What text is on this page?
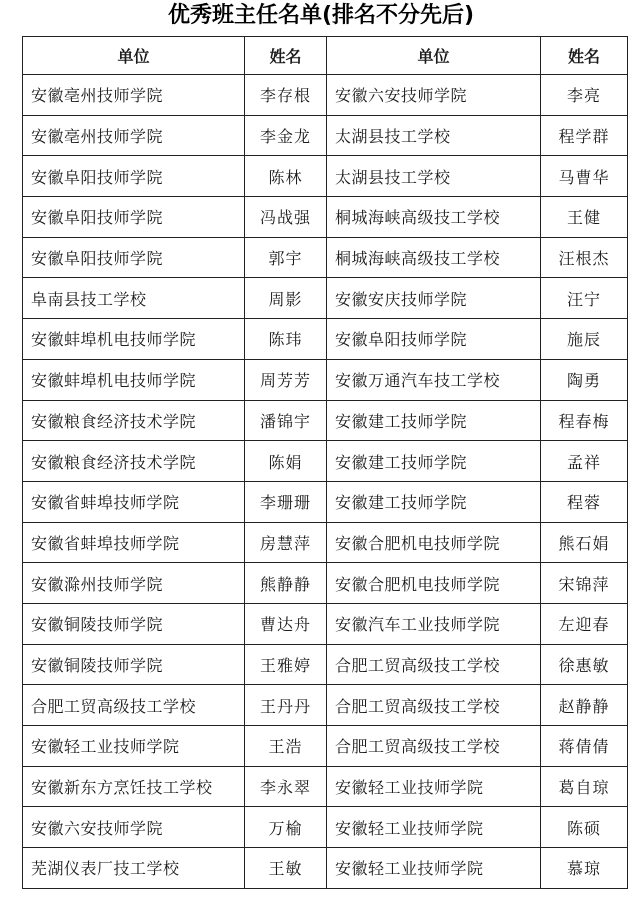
优秀班主任名单(排名不分先后)
单位	姓名	单位	姓名
安徽亳州技师学院	李存根	安徽六安技师学院	李亮
安徽亳州技师学院	李金龙	太湖县技工学校	程学群
安徽阜阳技师学院	陈林	太湖县技工学校	马曹华
安徽阜阳技师学院	冯战强	桐城海峡高级技工学校	王健
安徽阜阳技师学院	郭宇	桐城海峡高级技工学校	汪根杰
阜南县技工学校	周影	安徽安庆技师学院	汪宁
安徽蚌埠机电技师学院	陈玮	安徽阜阳技师学院	施辰
安徽蚌埠机电技师学院	周芳芳	安徽万通汽车技工学校	陶勇
安徽粮食经济技术学院	潘锦宇	安徽建工技师学院	程春梅
安徽粮食经济技术学院	陈娟	安徽建工技师学院	孟祥
安徽省蚌埠技师学院	李珊珊	安徽建工技师学院	程蓉
安徽省蚌埠技师学院	房慧萍	安徽合肥机电技师学院	熊石娟
安徽滁州技师学院	熊静静	安徽合肥机电技师学院	宋锦萍
安徽铜陵技师学院	曹达舟	安徽汽车工业技师学院	左迎春
安徽铜陵技师学院	王雅婷	合肥工贸高级技工学校	徐惠敏
合肥工贸高级技工学校	王丹丹	合肥工贸高级技工学校	赵静静
安徽轻工业技师学院	王浩	合肥工贸高级技工学校	蒋倩倩
安徽新东方烹饪技工学校	李永翠	安徽轻工业技师学院	葛自琼
安徽六安技师学院	万榆	安徽轻工业技师学院	陈硕
芜湖仪表厂技工学校	王敏	安徽轻工业技师学院	慕琼
